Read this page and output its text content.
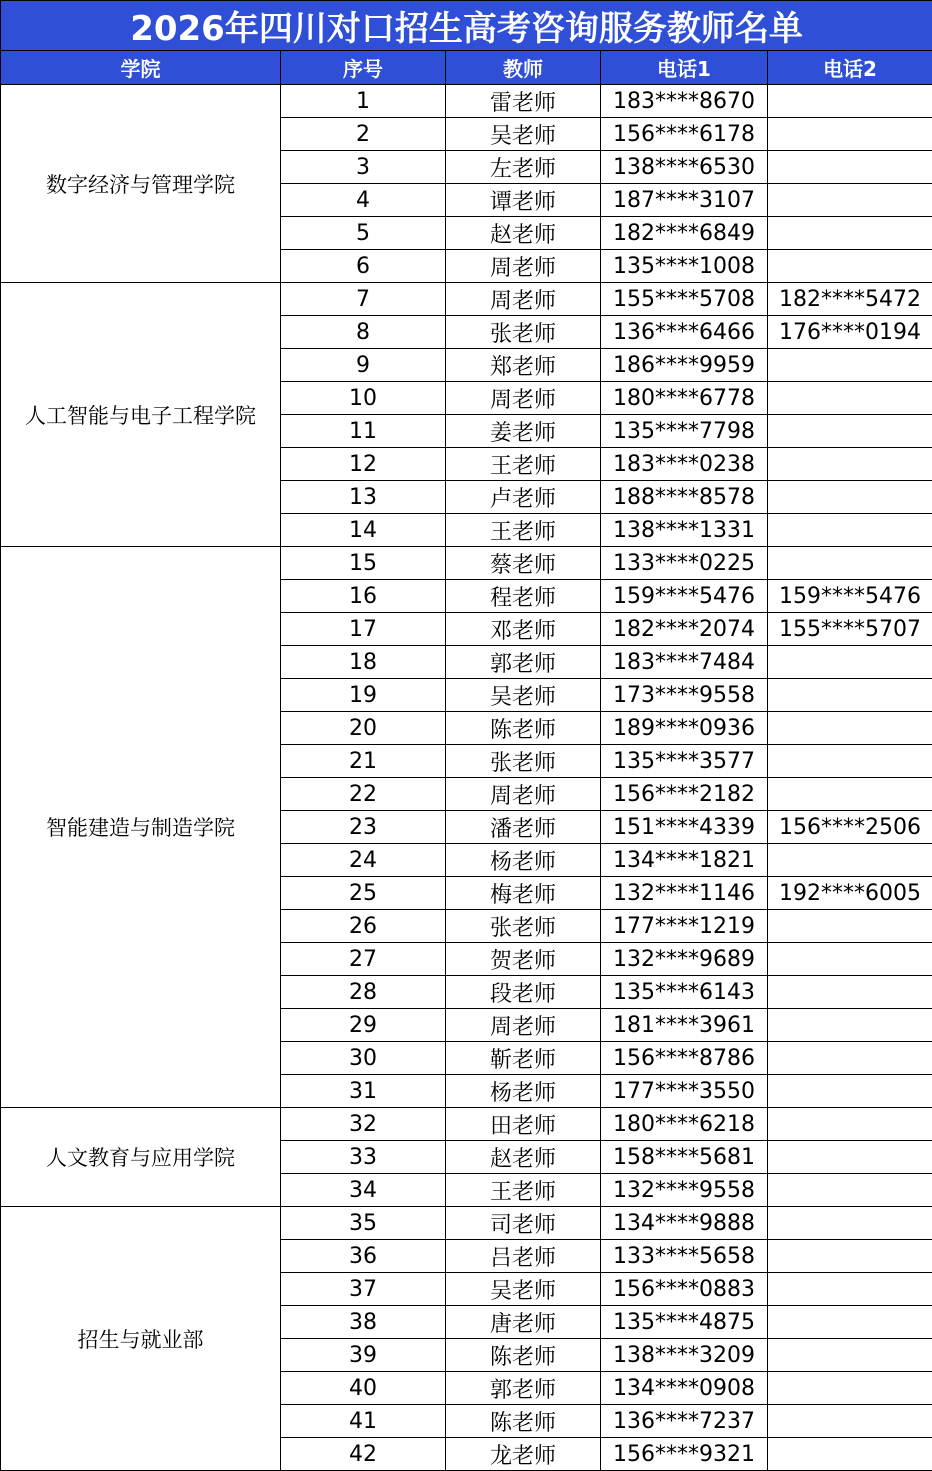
2026年四川对口招生高考咨询服务教师名单				
学院	序号	教师	电话1	电话2
数字经济与管理学院	1	雷老师	183****8670	
	2	吴老师	156****6178	
	3	左老师	138****6530	
	4	谭老师	187****3107	
	5	赵老师	182****6849	
	6	周老师	135****1008	
人工智能与电子工程学院	7	周老师	155****5708	182****5472
	8	张老师	136****6466	176****0194
	9	郑老师	186****9959	
	10	周老师	180****6778	
	11	姜老师	135****7798	
	12	王老师	183****0238	
	13	卢老师	188****8578	
	14	王老师	138****1331	
智能建造与制造学院	15	蔡老师	133****0225	
	16	程老师	159****5476	159****5476
	17	邓老师	182****2074	155****5707
	18	郭老师	183****7484	
	19	吴老师	173****9558	
	20	陈老师	189****0936	
	21	张老师	135****3577	
	22	周老师	156****2182	
	23	潘老师	151****4339	156****2506
	24	杨老师	134****1821	
	25	梅老师	132****1146	192****6005
	26	张老师	177****1219	
	27	贺老师	132****9689	
	28	段老师	135****6143	
	29	周老师	181****3961	
	30	靳老师	156****8786	
	31	杨老师	177****3550	
人文教育与应用学院	32	田老师	180****6218	
	33	赵老师	158****5681	
	34	王老师	132****9558	
招生与就业部	35	司老师	134****9888	
	36	吕老师	133****5658	
	37	吴老师	156****0883	
	38	唐老师	135****4875	
	39	陈老师	138****3209	
	40	郭老师	134****0908	
	41	陈老师	136****7237	
	42	龙老师	156****9321	
